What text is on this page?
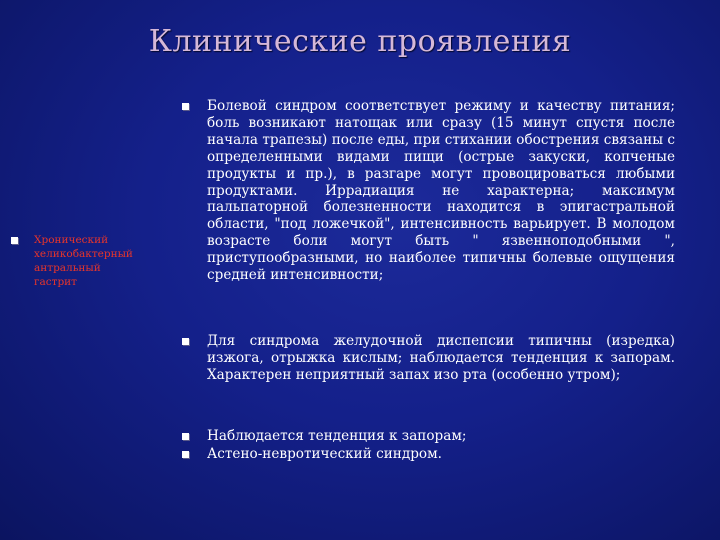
Клинические проявления
Хронический хеликобактерный антральный гастрит
Болевой синдром соответствует режиму и качеству питания; боль возникают натощак или сразу (15 минут спустя после начала трапезы) после еды, при стихании обострения связаны с определенными видами пищи (острые закуски, копченые продукты и пр.), в разгаре могут провоцироваться любыми продуктами. Иррадиация не характерна; максимум пальпаторной болезненности находится в эпигастральной области, "под ложечкой", интенсивность варьирует. В молодом возрасте боли могут быть " язвенноподобными ", приступообразными, но наиболее типичны болевые ощущения средней интенсивности;
Для синдрома желудочной диспепсии типичны (изредка) изжога, отрыжка кислым; наблюдается тенденция к запорам. Характерен неприятный запах изо рта (особенно утром);
Наблюдается тенденция к запорам;
Астено-невротический синдром.
